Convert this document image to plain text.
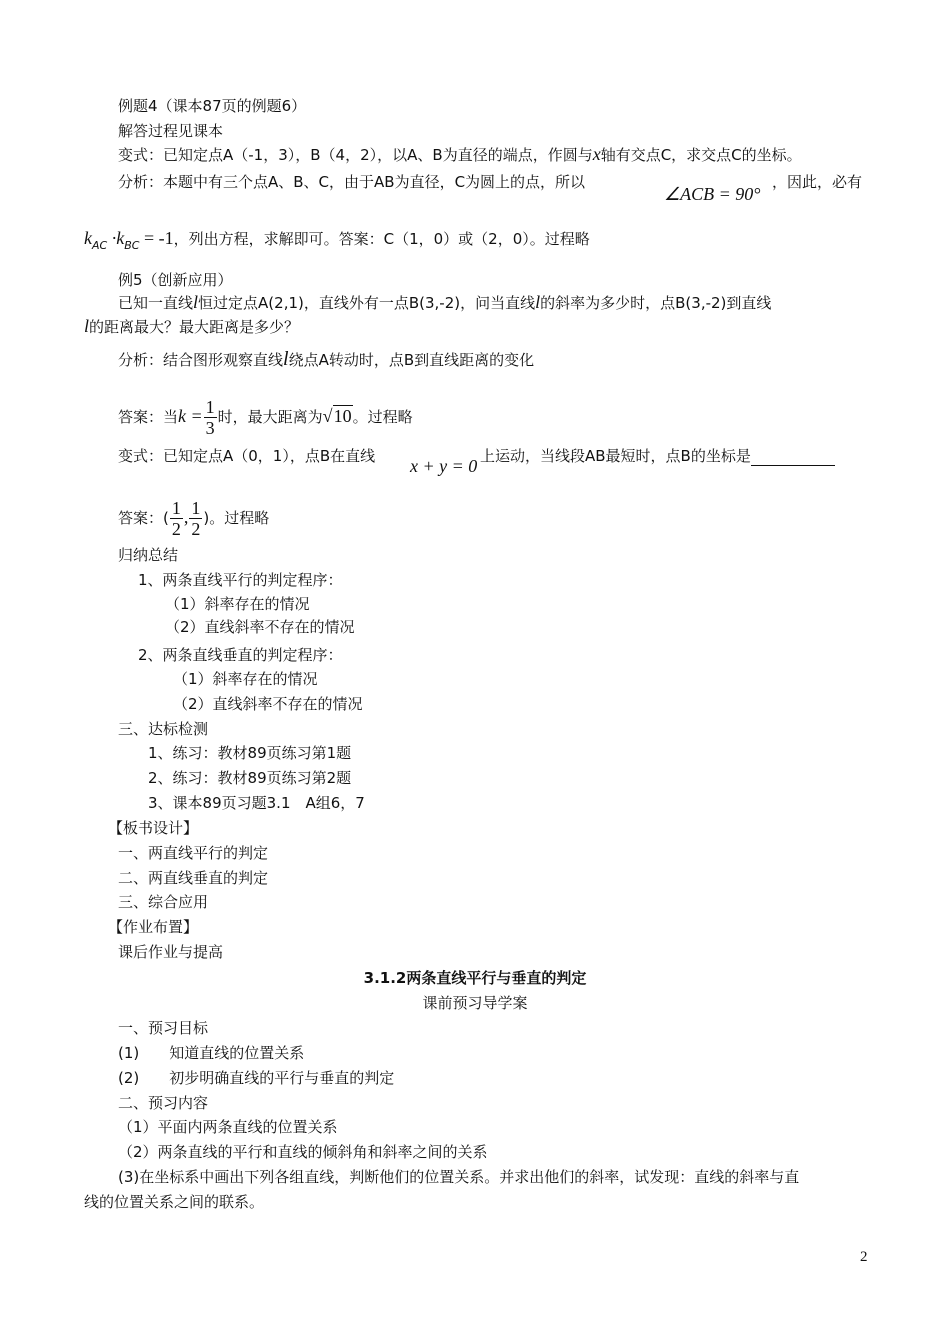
例题4（课本87页的例题6）
解答过程见课本
变式：已知定点A（-1，3），B（4，2），以A、B为直径的端点，作圆与x轴有交点C，求交点C的坐标。
分析：本题中有三个点A、B、C，由于AB为直径，C为圆上的点，所以
∠ACB = 90°
，因此，必有
$k_{AC} \cdot k_{BC} = -1$，列出方程，求解即可。答案：C（1，0）或（2，0）。过程略
例5（创新应用）
已知一直线l恒过定点A(2,1)，直线外有一点B(3,-2)，问当直线l的斜率为多少时，点B(3,-2)到直线
l的距离最大？最大距离是多少？
分析：结合图形观察直线l绕点A转动时，点B到直线距离的变化
答案：当$k = \frac{1}{3}$ 时，最大距离为√10。过程略
变式：已知定点A（0，1），点B在直线 x + y = 0 上运动，当线段AB最短时，点B的坐标是
答案：( $\frac{1}{2}$ , $\frac{1}{2}$ )。过程略
归纳总结
1、两条直线平行的判定程序：
（1）斜率存在的情况
（2）直线斜率不存在的情况
2、两条直线垂直的判定程序：
（1）斜率存在的情况
（2）直线斜率不存在的情况
三、达标检测
1、练习：教材89页练习第1题
2、练习：教材89页练习第2题
3、课本89页习题3.1　A组6，7
【板书设计】
一、两直线平行的判定
二、两直线垂直的判定
三、综合应用
【作业布置】
课后作业与提高
3.1.2两条直线平行与垂直的判定
课前预习导学案
一、预习目标
(1)　　知道直线的位置关系
(2)　　初步明确直线的平行与垂直的判定
二、预习内容
（1）平面内两条直线的位置关系
（2）两条直线的平行和直线的倾斜角和斜率之间的关系
(3)在坐标系中画出下列各组直线，判断他们的位置关系。并求出他们的斜率，试发现：直线的斜率与直
线的位置关系之间的联系。
2
